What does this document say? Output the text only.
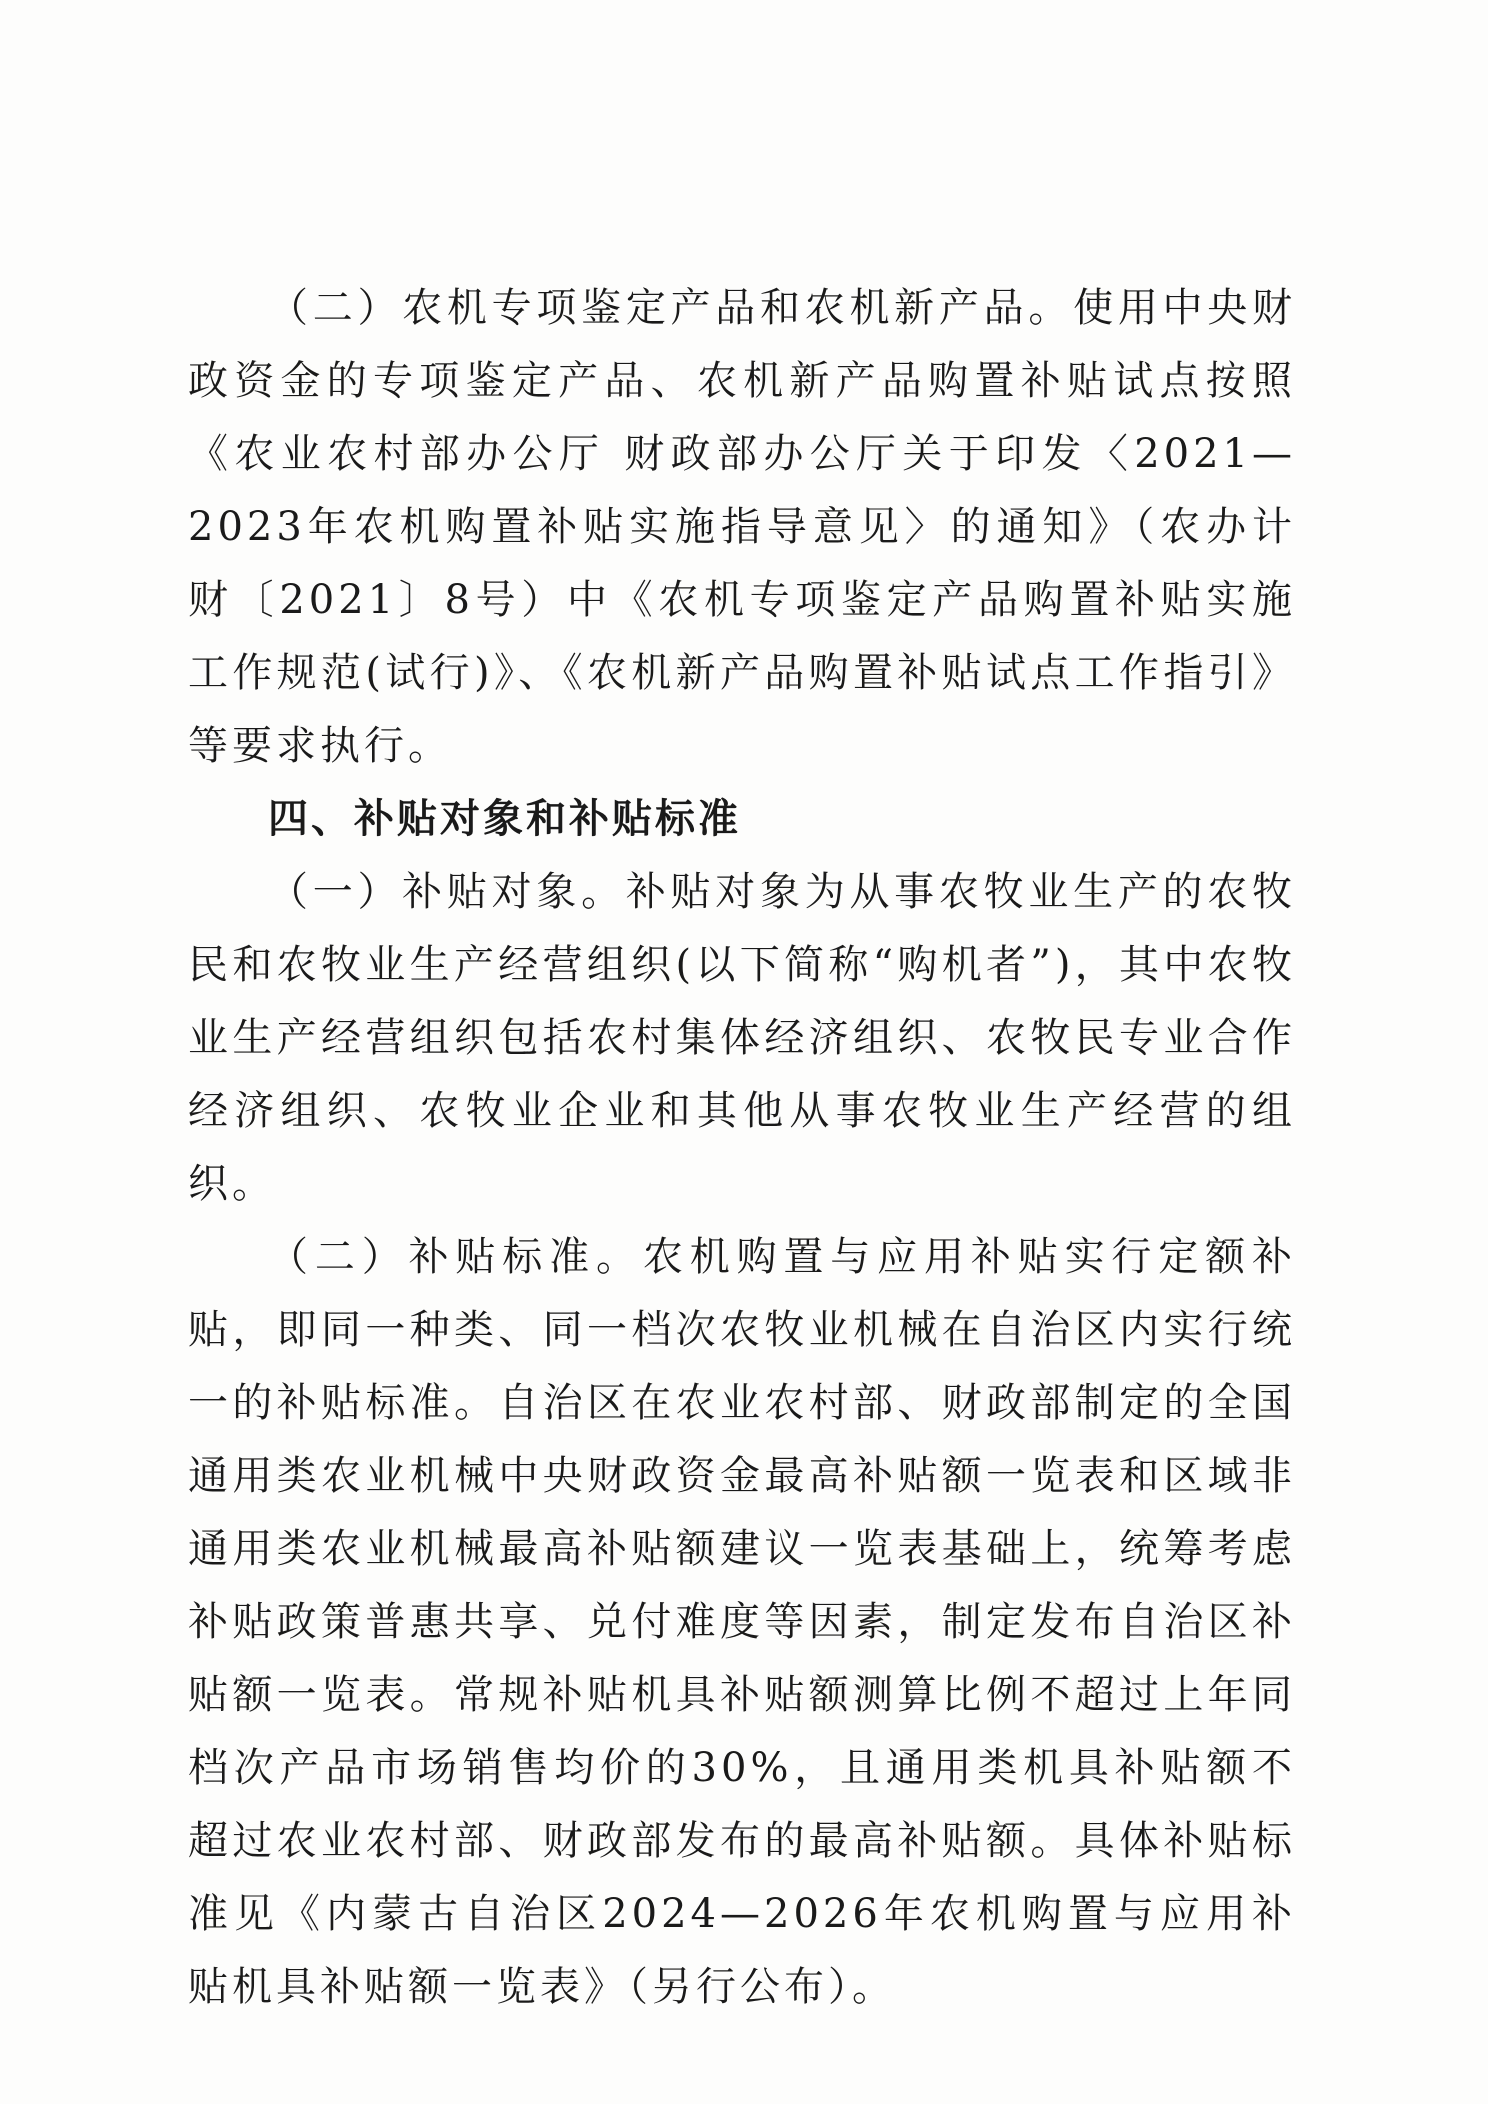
（二）农机专项鉴定产品和农机新产品。使用中央财政资金的专项鉴定产品、农机新产品购置补贴试点按照《农业农村部办公厅 财政部办公厅关于印发〈2021—2023年农机购置补贴实施指导意见〉的通知》（农办计财〔2021〕8号）中《农机专项鉴定产品购置补贴实施工作规范(试行)》、《农机新产品购置补贴试点工作指引》等要求执行。

四、补贴对象和补贴标准

（一）补贴对象。补贴对象为从事农牧业生产的农牧民和农牧业生产经营组织(以下简称“购机者”)，其中农牧业生产经营组织包括农村集体经济组织、农牧民专业合作经济组织、农牧业企业和其他从事农牧业生产经营的组织。

（二）补贴标准。农机购置与应用补贴实行定额补贴，即同一种类、同一档次农牧业机械在自治区内实行统一的补贴标准。自治区在农业农村部、财政部制定的全国通用类农业机械中央财政资金最高补贴额一览表和区域非通用类农业机械最高补贴额建议一览表基础上，统筹考虑补贴政策普惠共享、兑付难度等因素，制定发布自治区补贴额一览表。常规补贴机具补贴额测算比例不超过上年同档次产品市场销售均价的30%，且通用类机具补贴额不超过农业农村部、财政部发布的最高补贴额。具体补贴标准见《内蒙古自治区2024—2026年农机购置与应用补贴机具补贴额一览表》（另行公布）。
